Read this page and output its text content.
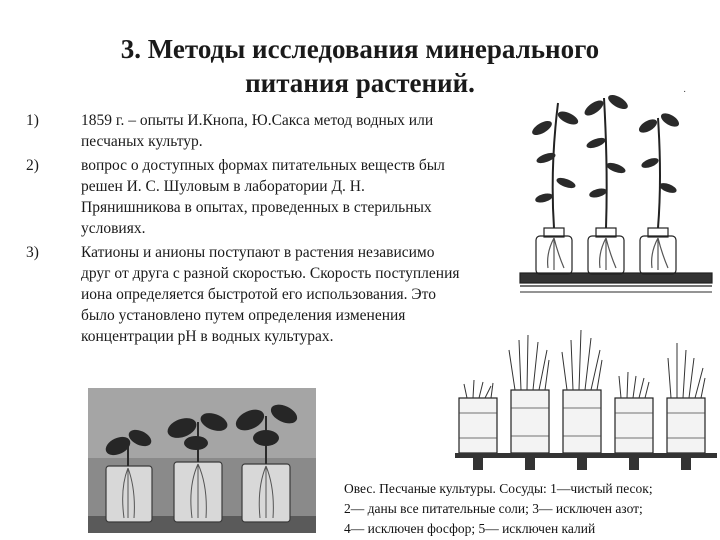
3. Методы исследования минерального
питания растений.	·
1)	1859 г. – опыты И.Кнопа, Ю.Сакса метод водных или песчаных культур.
2)	вопрос о доступных формах питательных веществ был решен И. С. Шуловым в лаборатории Д. Н. Прянишникова в опытах, проведенных в стерильных условиях.
3)	Катионы и анионы поступают в растения независимо друг от друга с разной скоростью. Скорость поступления иона определяется быстротой его использования. Это было установлено путем определения изменения концентрации рН в водных культурах.
Овес. Песчаные культуры. Сосуды: 1—чистый песок;
2— даны все питательные соли; 3— исключен азот;
4— исключен фосфор; 5— исключен калий
